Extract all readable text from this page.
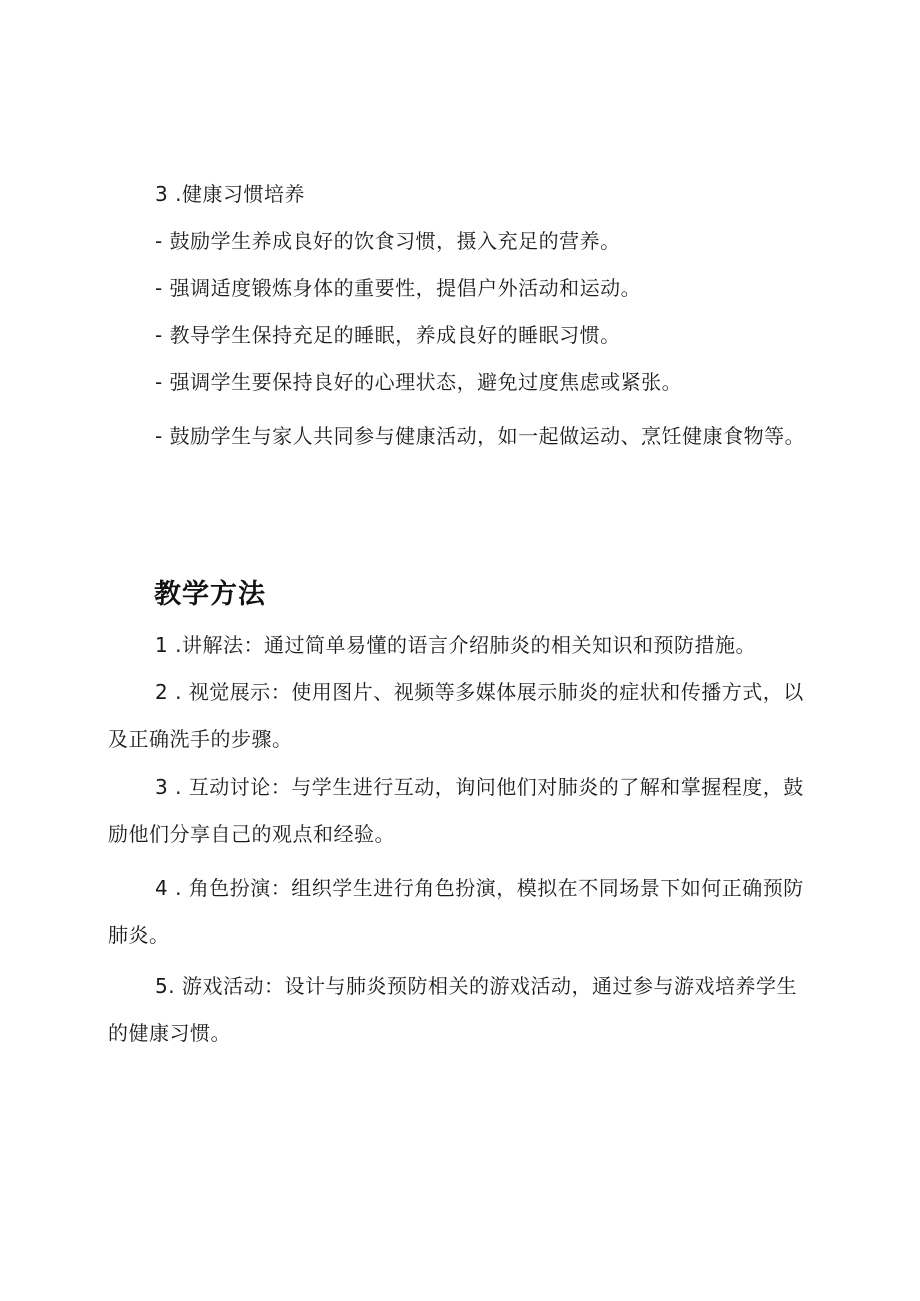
3 .健康习惯培养

- 鼓励学生养成良好的饮食习惯，摄入充足的营养。

- 强调适度锻炼身体的重要性，提倡户外活动和运动。

- 教导学生保持充足的睡眠，养成良好的睡眠习惯。

- 强调学生要保持良好的心理状态，避免过度焦虑或紧张。

- 鼓励学生与家人共同参与健康活动，如一起做运动、烹饪健康食物等。

教学方法

1 .讲解法：通过简单易懂的语言介绍肺炎的相关知识和预防措施。

2 . 视觉展示：使用图片、视频等多媒体展示肺炎的症状和传播方式，以及正确洗手的步骤。

3 . 互动讨论：与学生进行互动，询问他们对肺炎的了解和掌握程度，鼓励他们分享自己的观点和经验。

4 . 角色扮演：组织学生进行角色扮演，模拟在不同场景下如何正确预防肺炎。

5. 游戏活动：设计与肺炎预防相关的游戏活动，通过参与游戏培养学生的健康习惯。
